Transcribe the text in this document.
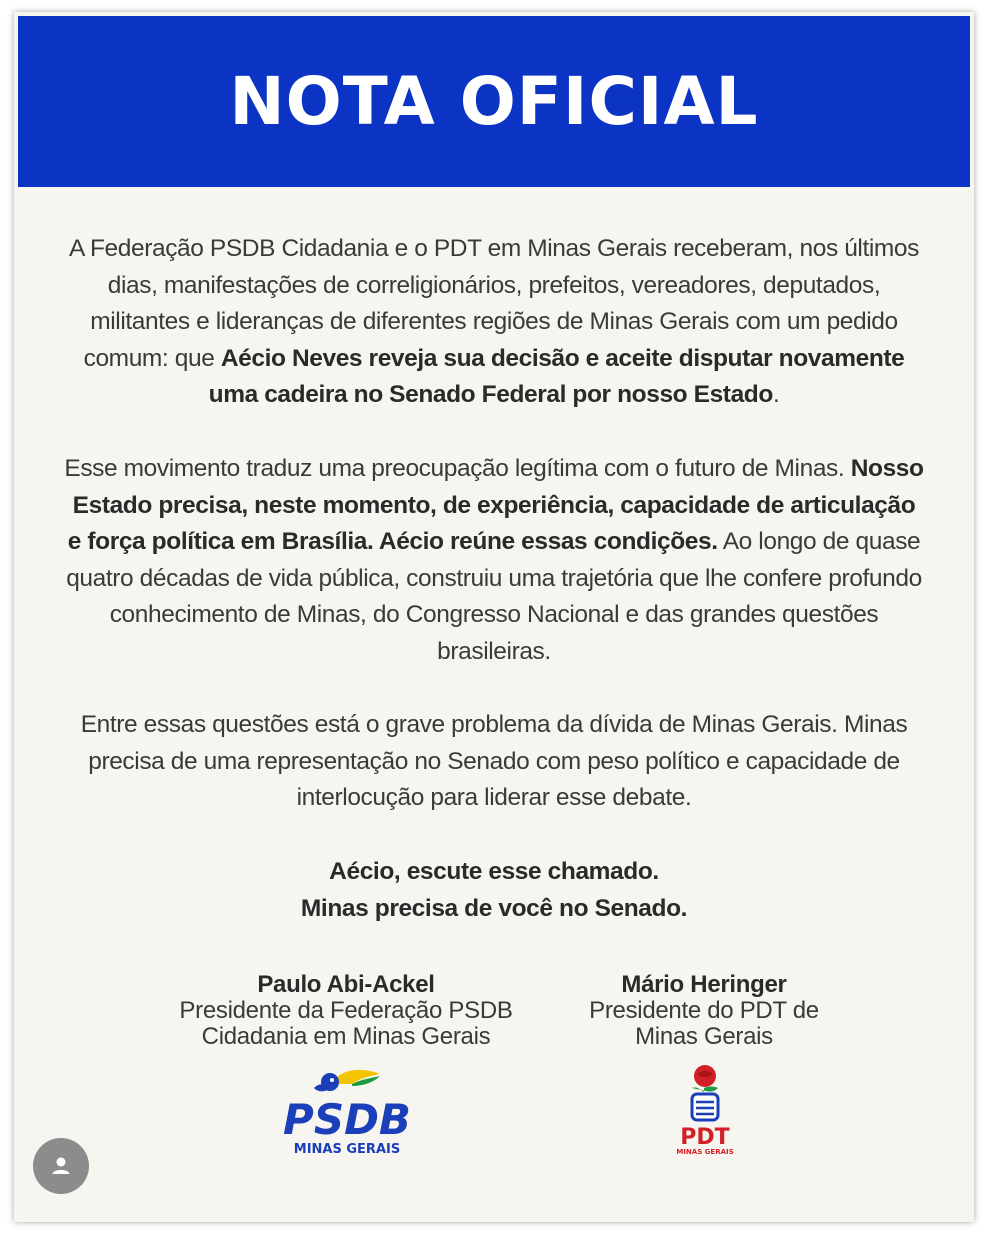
NOTA OFICIAL

A Federação PSDB Cidadania e o PDT em Minas Gerais receberam, nos últimos dias, manifestações de correligionários, prefeitos, vereadores, deputados, militantes e lideranças de diferentes regiões de Minas Gerais com um pedido comum: que Aécio Neves reveja sua decisão e aceite disputar novamente uma cadeira no Senado Federal por nosso Estado.

Esse movimento traduz uma preocupação legítima com o futuro de Minas. Nosso Estado precisa, neste momento, de experiência, capacidade de articulação e força política em Brasília. Aécio reúne essas condições. Ao longo de quase quatro décadas de vida pública, construiu uma trajetória que lhe confere profundo conhecimento de Minas, do Congresso Nacional e das grandes questões brasileiras.

Entre essas questões está o grave problema da dívida de Minas Gerais. Minas precisa de uma representação no Senado com peso político e capacidade de interlocução para liderar esse debate.

Aécio, escute esse chamado.
Minas precisa de você no Senado.
Paulo Abi-Ackel
Presidente da Federação PSDB
Cidadania em Minas Gerais
Mário Heringer
Presidente do PDT de
Minas Gerais
PSDB
MINAS GERAIS	PDT
MINAS GERAIS
